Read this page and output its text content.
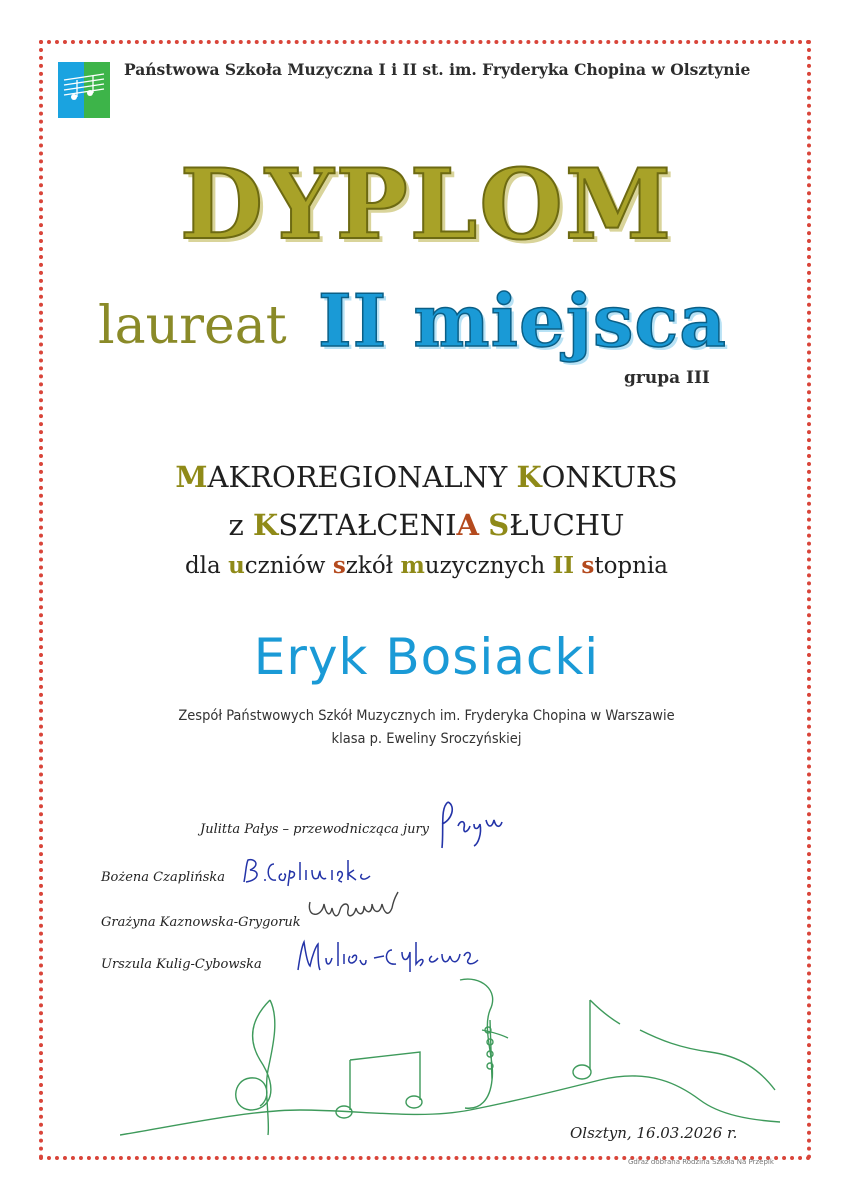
Państwowa Szkoła Muzyczna I i II st. im. Fryderyka Chopina w Olsztynie
DYPLOM
laureat II miejsca
grupa III
MAKROREGIONALNY KONKURS
z KSZTAŁCENIA SŁUCHU
dla uczniów szkół muzycznych II stopnia
Eryk Bosiacki
Zespół Państwowych Szkół Muzycznych im. Fryderyka Chopina w Warszawie
klasa p. Eweliny Sroczyńskiej
Julitta Pałys – przewodnicząca jury
Bożena Czaplińska
Grażyna Kaznowska-Grygoruk
Urszula Kulig-Cybowska
Olsztyn, 16.03.2026 r.
Gdraz dobrana Rodzina Szkoła Na Przepik
